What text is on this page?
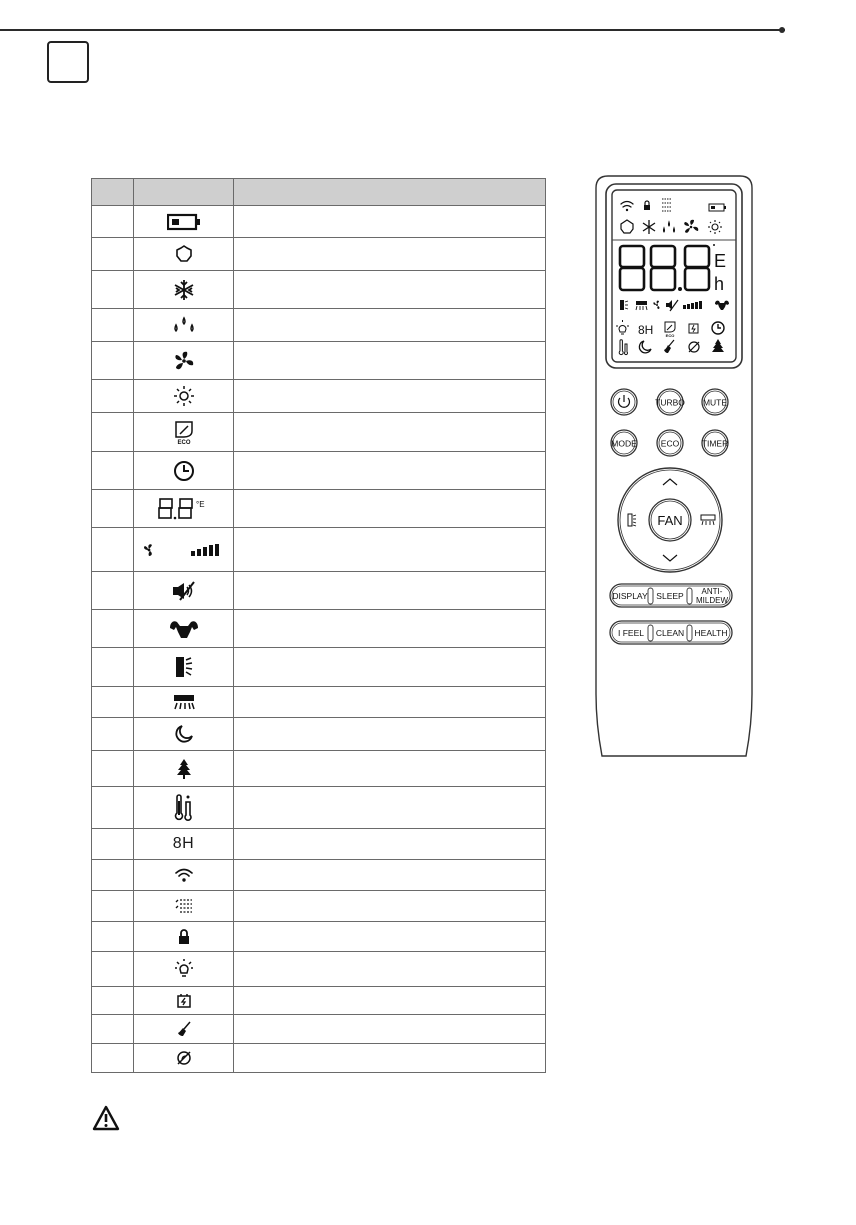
ECO	

°E	

	8H	

E
h
8H	ECO
TURBO MUTE
MODE	ECO	TIMER
FAN
DISPLAY SLEEP ANTI-
MILDEW
I FEEL CLEAN HEALTH
